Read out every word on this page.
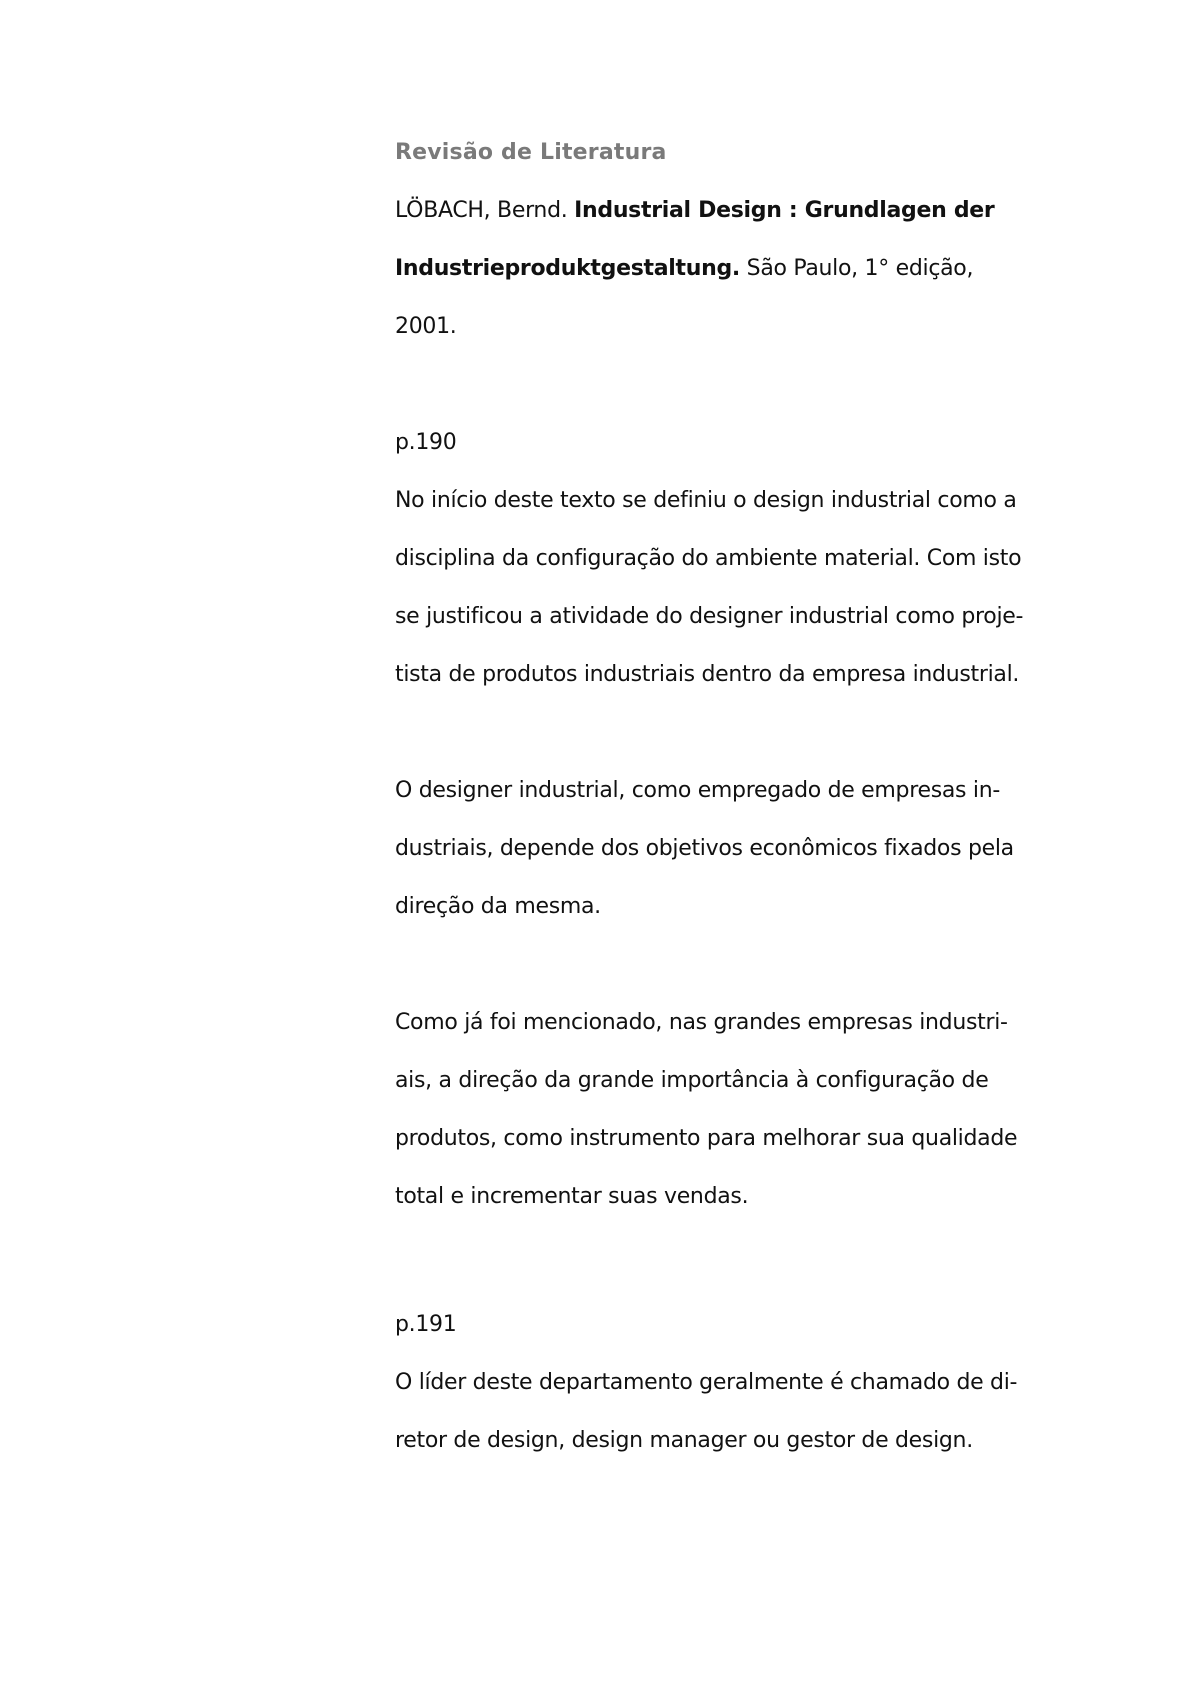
Revisão de Literatura
LÖBACH, Bernd. Industrial Design : Grundlagen der
Industrieproduktgestaltung. São Paulo, 1° edição,
2001.
p.190
No início deste texto se definiu o design industrial como a
disciplina da configuração do ambiente material. Com isto
se justificou a atividade do designer industrial como proje-
tista de produtos industriais dentro da empresa industrial.
O designer industrial, como empregado de empresas in-
dustriais, depende dos objetivos econômicos fixados pela
direção da mesma.
Como já foi mencionado, nas grandes empresas industri-
ais, a direção da grande importância à configuração de
produtos, como instrumento para melhorar sua qualidade
total e incrementar suas vendas.
p.191
O líder deste departamento geralmente é chamado de di-
retor de design, design manager ou gestor de design.
